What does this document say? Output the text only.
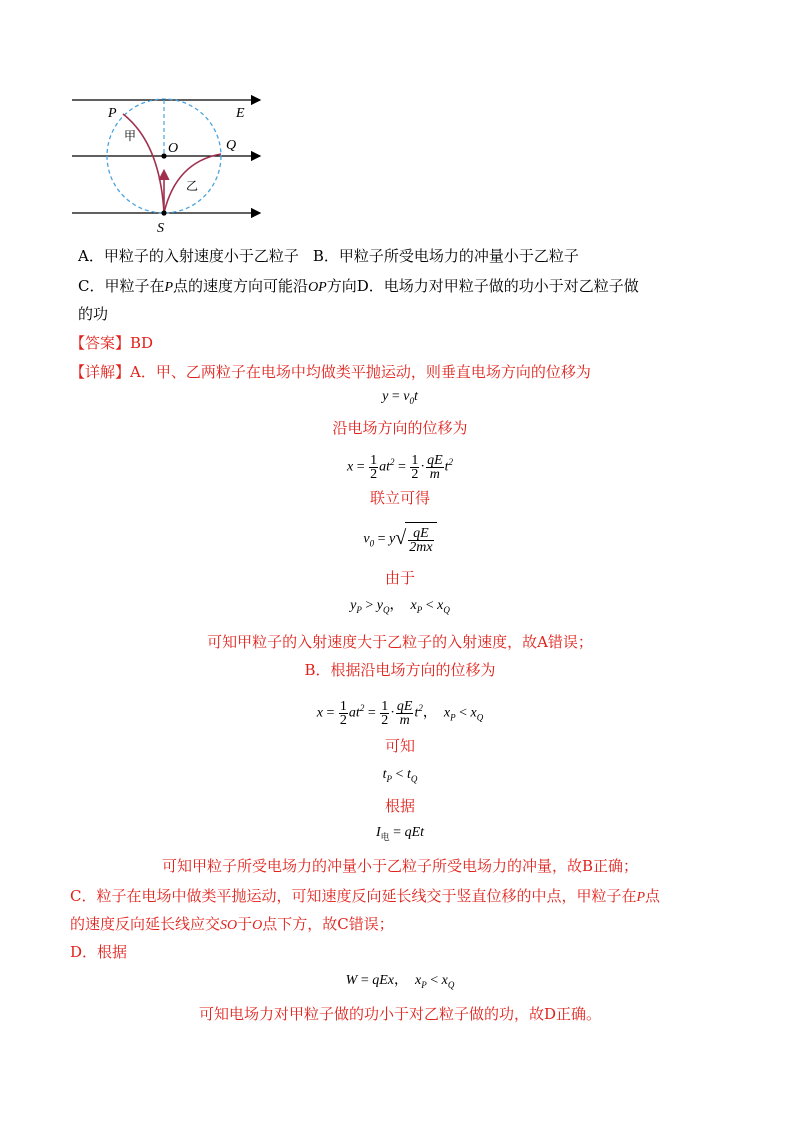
P	E
O	Q
S
甲
乙
A．甲粒子的入射速度小于乙粒子 B．甲粒子所受电场力的冲量小于乙粒子
C．甲粒子在P点的速度方向可能沿OP方向D．电场力对甲粒子做的功小于对乙粒子做
的功
【答案】BD
【详解】A．甲、乙两粒子在电场中均做类平抛运动，则垂直电场方向的位移为
$y = v_0t$
沿电场方向的位移为
$x = \frac{1}{2} at^2 = \frac{1}{2} \cdot \frac{qE}{m} t^2$
联立可得
$v_0 = y√ \frac{qE}{2mx}$
由于
$y_P > y_Q$，  $x_P < x_Q$
可知甲粒子的入射速度大于乙粒子的入射速度，故A错误；
B．根据沿电场方向的位移为
$x = \frac{1}{2} at^2 = \frac{1}{2} \cdot \frac{qE}{m} t^2$，  $x_P < x_Q$
可知
$t_P < t_Q$
根据
$I_电$ = qEt
可知甲粒子所受电场力的冲量小于乙粒子所受电场力的冲量，故B正确；
C．粒子在电场中做类平抛运动，可知速度反向延长线交于竖直位移的中点，甲粒子在P点
的速度反向延长线应交SO于O点下方，故C错误；
D．根据
W = qEx，  $x_P < x_Q$
可知电场力对甲粒子做的功小于对乙粒子做的功，故D正确。
